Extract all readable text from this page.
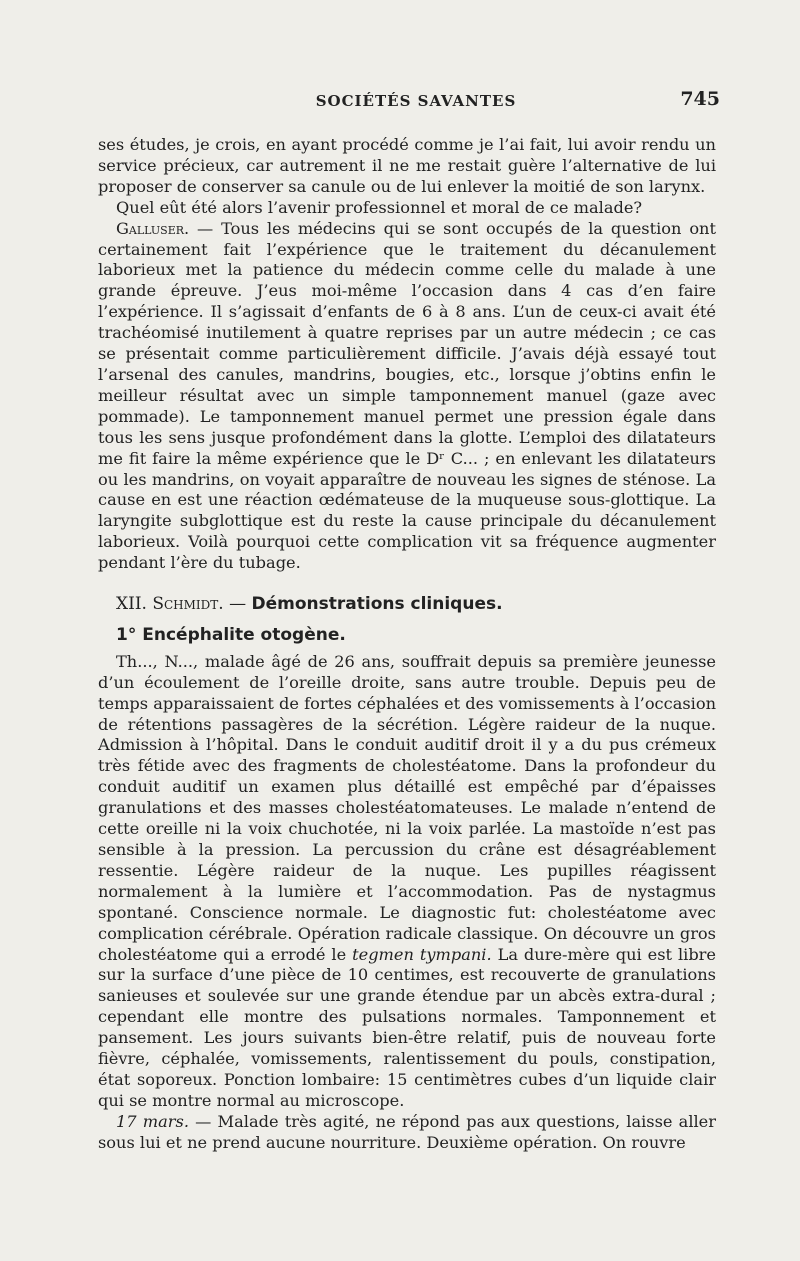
SOCIÉTÉS SAVANTES	745

ses études, je crois, en ayant procédé comme je l’ai fait, lui avoir rendu un service précieux, car autrement il ne me restait guère l’alternative de lui proposer de conserver sa canule ou de lui enlever la moitié de son larynx.

Quel eût été alors l’avenir professionnel et moral de ce malade?

Galluser. — Tous les médecins qui se sont occupés de la question ont certainement fait l’expérience que le traitement du décanulement laborieux met la patience du médecin comme celle du malade à une grande épreuve. J’eus moi-même l’occasion dans 4 cas d’en faire l’expérience. Il s’agissait d’enfants de 6 à 8 ans. L’un de ceux-ci avait été trachéomisé inutilement à quatre reprises par un autre médecin ; ce cas se présentait comme particulièrement difficile. J’avais déjà essayé tout l’arsenal des canules, mandrins, bougies, etc., lorsque j’obtins enfin le meilleur résultat avec un simple tamponnement manuel (gaze avec pommade). Le tamponnement manuel permet une pression égale dans tous les sens jusque profondément dans la glotte. L’emploi des dilatateurs me fit faire la même expérience que le Dʳ C... ; en enlevant les dilatateurs ou les mandrins, on voyait apparaître de nouveau les signes de sténose. La cause en est une réaction œdémateuse de la muqueuse sous-glottique. La laryngite subglottique est du reste la cause principale du décanulement laborieux. Voilà pourquoi cette complication vit sa fréquence augmenter pendant l’ère du tubage.

XII. Schmidt. — Démonstrations cliniques.

1° Encéphalite otogène.

Th..., N..., malade âgé de 26 ans, souffrait depuis sa première jeunesse d’un écoulement de l’oreille droite, sans autre trouble. Depuis peu de temps apparaissaient de fortes céphalées et des vomissements à l’occasion de rétentions passagères de la sécrétion. Légère raideur de la nuque. Admission à l’hôpital. Dans le conduit auditif droit il y a du pus crémeux très fétide avec des fragments de cholestéatome. Dans la profondeur du conduit auditif un examen plus détaillé est empêché par d’épaisses granulations et des masses cholestéatomateuses. Le malade n’entend de cette oreille ni la voix chuchotée, ni la voix parlée. La mastoïde n’est pas sensible à la pression. La percussion du crâne est désagréablement ressentie. Légère raideur de la nuque. Les pupilles réagissent normalement à la lumière et l’accommodation. Pas de nystagmus spontané. Conscience normale. Le diagnostic fut: cholestéatome avec complication cérébrale. Opération radicale classique. On découvre un gros cholestéatome qui a errodé le tegmen tympani. La dure-mère qui est libre sur la surface d’une pièce de 10 centimes, est recouverte de granulations sanieuses et soulevée sur une grande étendue par un abcès extra-dural ; cependant elle montre des pulsations normales. Tamponnement et pansement. Les jours suivants bien-être relatif, puis de nouveau forte fièvre, céphalée, vomissements, ralentissement du pouls, constipation, état soporeux. Ponction lombaire: 15 centimètres cubes d’un liquide clair qui se montre normal au microscope.

17 mars. — Malade très agité, ne répond pas aux questions, laisse aller sous lui et ne prend aucune nourriture. Deuxième opération. On rouvre
